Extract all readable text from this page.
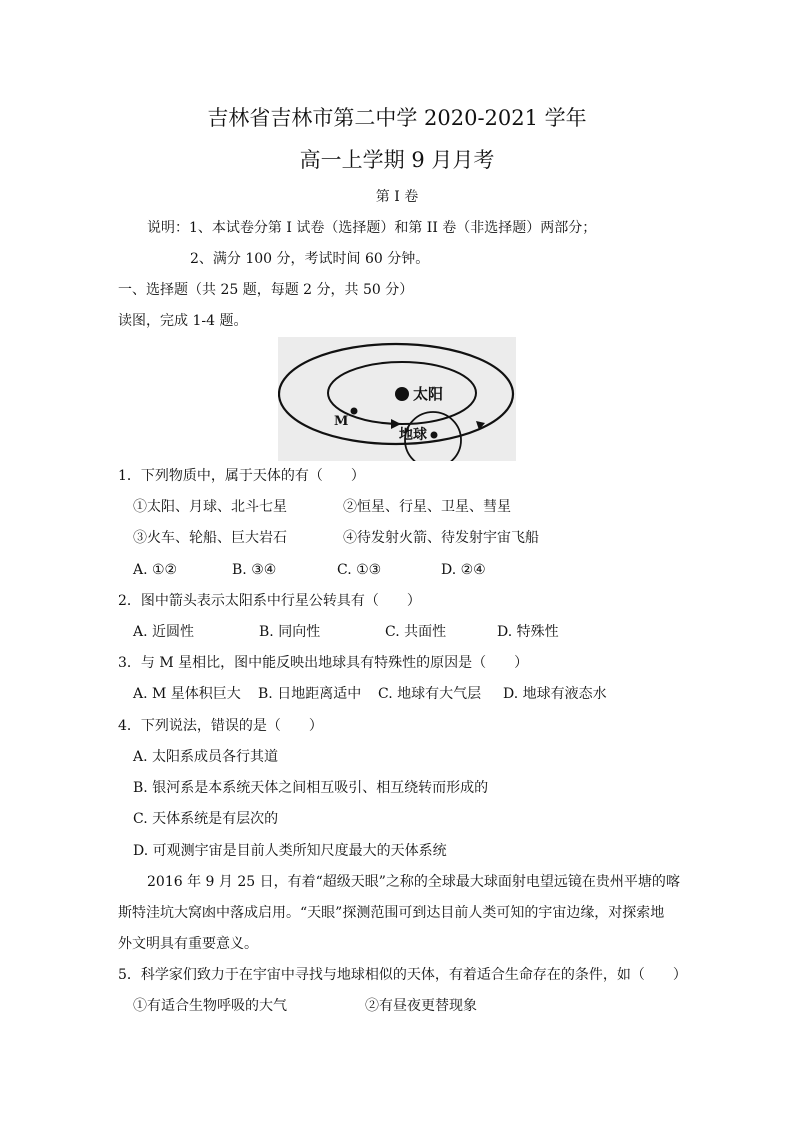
吉林省吉林市第二中学 2020-2021 学年
高一上学期 9 月月考
第 I 卷
说明：1、本试卷分第 I 试卷（选择题）和第 II 卷（非选择题）两部分；
2、满分 100 分，考试时间 60 分钟。
一、选择题（共 25 题，每题 2 分，共 50 分）
读图，完成 1-4 题。
太阳
M
地球
1．下列物质中，属于天体的有（　　）
①太阳、月球、北斗七星	②恒星、行星、卫星、彗星
③火车、轮船、巨大岩石	④待发射火箭、待发射宇宙飞船
A. ①②	B. ③④	C. ①③	D. ②④
2．图中箭头表示太阳系中行星公转具有（　　）
A. 近圆性	B. 同向性	C. 共面性	D. 特殊性
3．与 M 星相比，图中能反映出地球具有特殊性的原因是（　　）
A. M 星体积巨大 B. 日地距离适中 C. 地球有大气层 D. 地球有液态水
4．下列说法，错误的是（　　）
A. 太阳系成员各行其道
B. 银河系是本系统天体之间相互吸引、相互绕转而形成的
C. 天体系统是有层次的
D. 可观测宇宙是目前人类所知尺度最大的天体系统
2016 年 9 月 25 日，有着“超级天眼”之称的全球最大球面射电望远镜在贵州平塘的喀
斯特洼坑大窝凼中落成启用。“天眼”探测范围可到达目前人类可知的宇宙边缘，对探索地
外文明具有重要意义。
5．科学家们致力于在宇宙中寻找与地球相似的天体，有着适合生命存在的条件，如（　　）
①有适合生物呼吸的大气	②有昼夜更替现象
